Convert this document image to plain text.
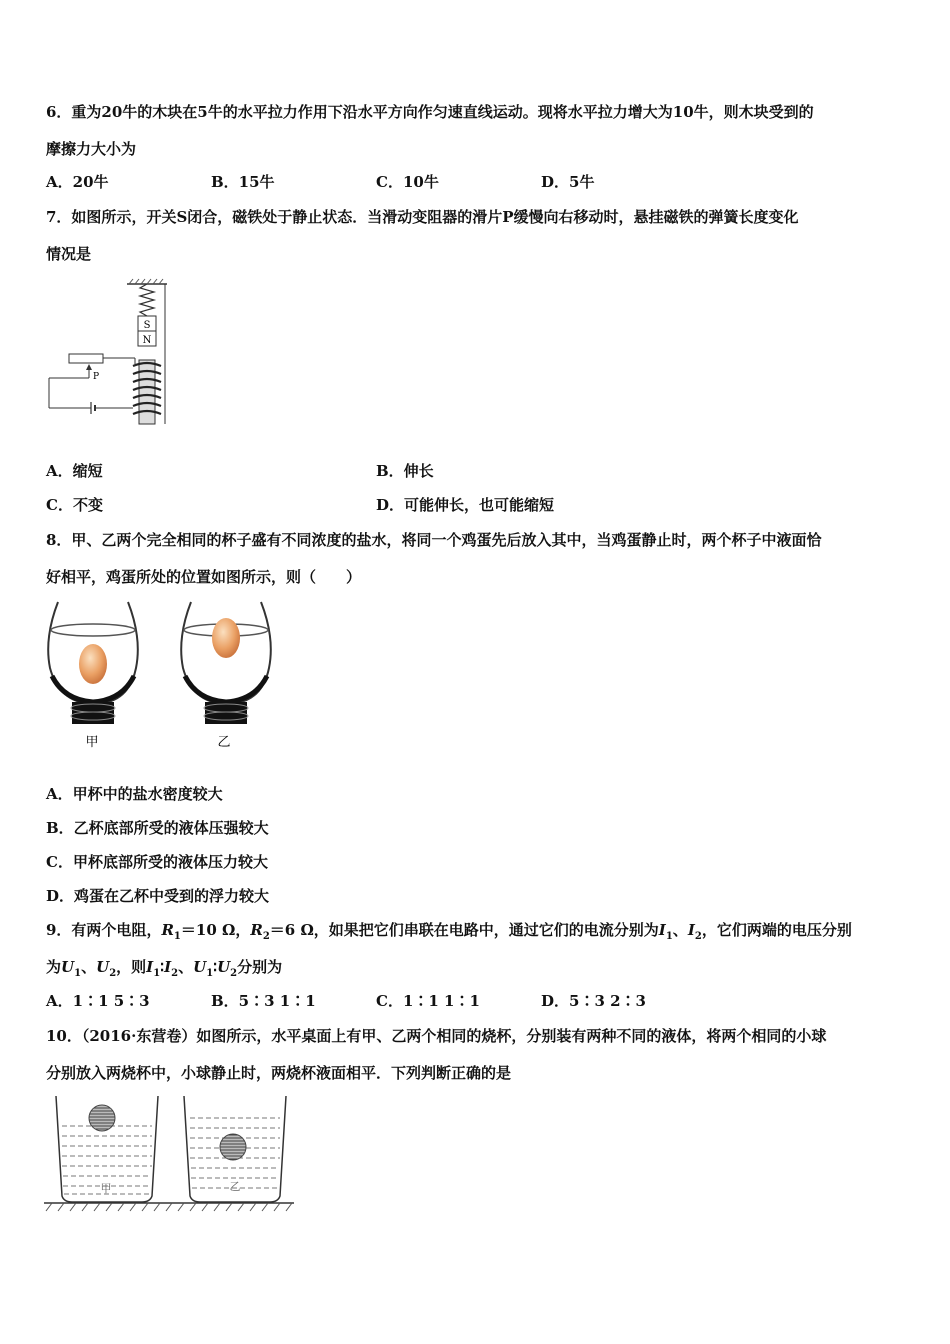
6．重为20牛的木块在5牛的水平拉力作用下沿水平方向作匀速直线运动。现将水平拉力增大为10牛，则木块受到的
摩擦力大小为
A．20牛	B．15牛	C．10牛	D．5牛
7．如图所示，开关S闭合，磁铁处于静止状态．当滑动变阻器的滑片P缓慢向右移动时，悬挂磁铁的弹簧长度变化
情况是
S
N
P
A．缩短	B．伸长
C．不变	D．可能伸长，也可能缩短
8．甲、乙两个完全相同的杯子盛有不同浓度的盐水，将同一个鸡蛋先后放入其中，当鸡蛋静止时，两个杯子中液面恰
好相平，鸡蛋所处的位置如图所示，则（　　）
甲	乙
A．甲杯中的盐水密度较大
B．乙杯底部所受的液体压强较大
C．甲杯底部所受的液体压力较大
D．鸡蛋在乙杯中受到的浮力较大
9．有两个电阻，$R_1=10$ Ω，$R_2=6$ Ω，如果把它们串联在电路中，通过它们的电流分别为$I_1$、$I_2$，它们两端的电压分别
为$U_1$、$U_2$，则$I_1∶I_2$、$U_1∶U_2$分别为
A．1∶1 5∶3	B．5∶3 1∶1	C．1∶1 1∶1	D．5∶3 2∶3
10．（2016·东营卷）如图所示，水平桌面上有甲、乙两个相同的烧杯，分别装有两种不同的液体，将两个相同的小球
分别放入两烧杯中，小球静止时，两烧杯液面相平．下列判断正确的是
甲	乙
